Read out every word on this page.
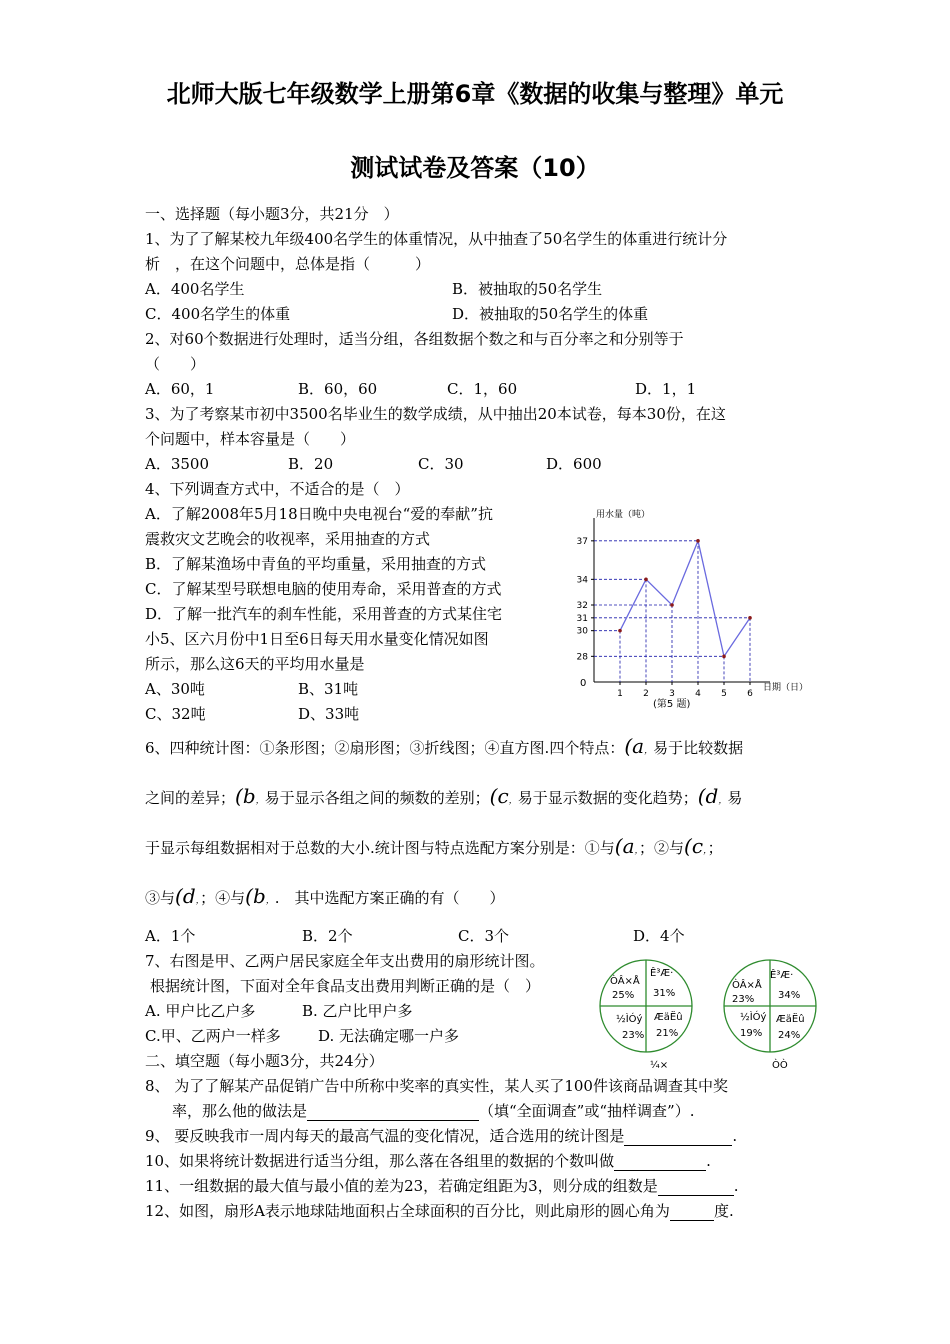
北师大版七年级数学上册第6章《数据的收集与整理》单元
测试试卷及答案（10）
一、选择题（每小题3分，共21分　）
1、为了了解某校九年级400名学生的体重情况，从中抽查了50名学生的体重进行统计分
析　，在这个问题中，总体是指（　　　）
A．400名学生	B．被抽取的50名学生
C．400名学生的体重	D．被抽取的50名学生的体重
2、对60个数据进行处理时，适当分组，各组数据个数之和与百分率之和分别等于
（　　）
A．60，1	B．60，60	C．1，60	D．1，1
3、为了考察某市初中3500名毕业生的数学成绩，从中抽出20本试卷，每本30份，在这
个问题中，样本容量是（　　）
A．3500	B．20	C．30	D．600
4、下列调查方式中，不适合的是（　）
A．了解2008年5月18日晚中央电视台“爱的奉献”抗
震救灾文艺晚会的收视率，采用抽查的方式
B．了解某渔场中青鱼的平均重量，采用抽查的方式
C．了解某型号联想电脑的使用寿命，采用普查的方式
D．了解一批汽车的刹车性能，采用普查的方式某住宅
小5、区六月份中1日至6日每天用水量变化情况如图
所示，那么这6天的平均用水量是
A、30吨	B、31吨
C、32吨	D、33吨
用水量（吨）
0	日期（日）
(第5 题)
28
30
31
32
34
37
1 2 3 4 5 6
6、四种统计图：①条形图；②扇形图；③折线图；④直方图.四个特点：(a，易于比较数据
之间的差异；(b，易于显示各组之间的频数的差别；(c，易于显示数据的变化趋势；(d，易
于显示每组数据相对于总数的大小.统计图与特点选配方案分别是：①与(a，；②与(c，；
③与(d，；④与(b，.　其中选配方案正确的有（　　）
A．1个	B．2个	C．3个	D．4个
7、右图是甲、乙两户居民家庭全年支出费用的扇形统计图。
根据统计图，下面对全年食品支出费用判断正确的是（　）
A. 甲户比乙户多	B. 乙户比甲户多
C.甲、乙两户一样多 D. 无法确定哪一户多
ÒÂ×Å
25%
Ê³Æ·
31%
½ÌÓý
23%
ÆäËû
21%
¼×
ÒÂ×Å
23%
Ê³Æ·
34%
½ÌÓý
19%
ÆäËû
24%
ÒÒ
二、填空题（每小题3分，共24分）
8、 为了了解某产品促销广告中所称中奖率的真实性，某人买了100件该商品调查其中奖
率，那么他的做法是	（填“全面调查”或“抽样调查”）.
9、 要反映我市一周内每天的最高气温的变化情况，适合选用的统计图是	.
10、如果将统计数据进行适当分组，那么落在各组里的数据的个数叫做	.
11、一组数据的最大值与最小值的差为23，若确定组距为3，则分成的组数是	.
12、如图，扇形A表示地球陆地面积占全球面积的百分比，则此扇形的圆心角为	度.
